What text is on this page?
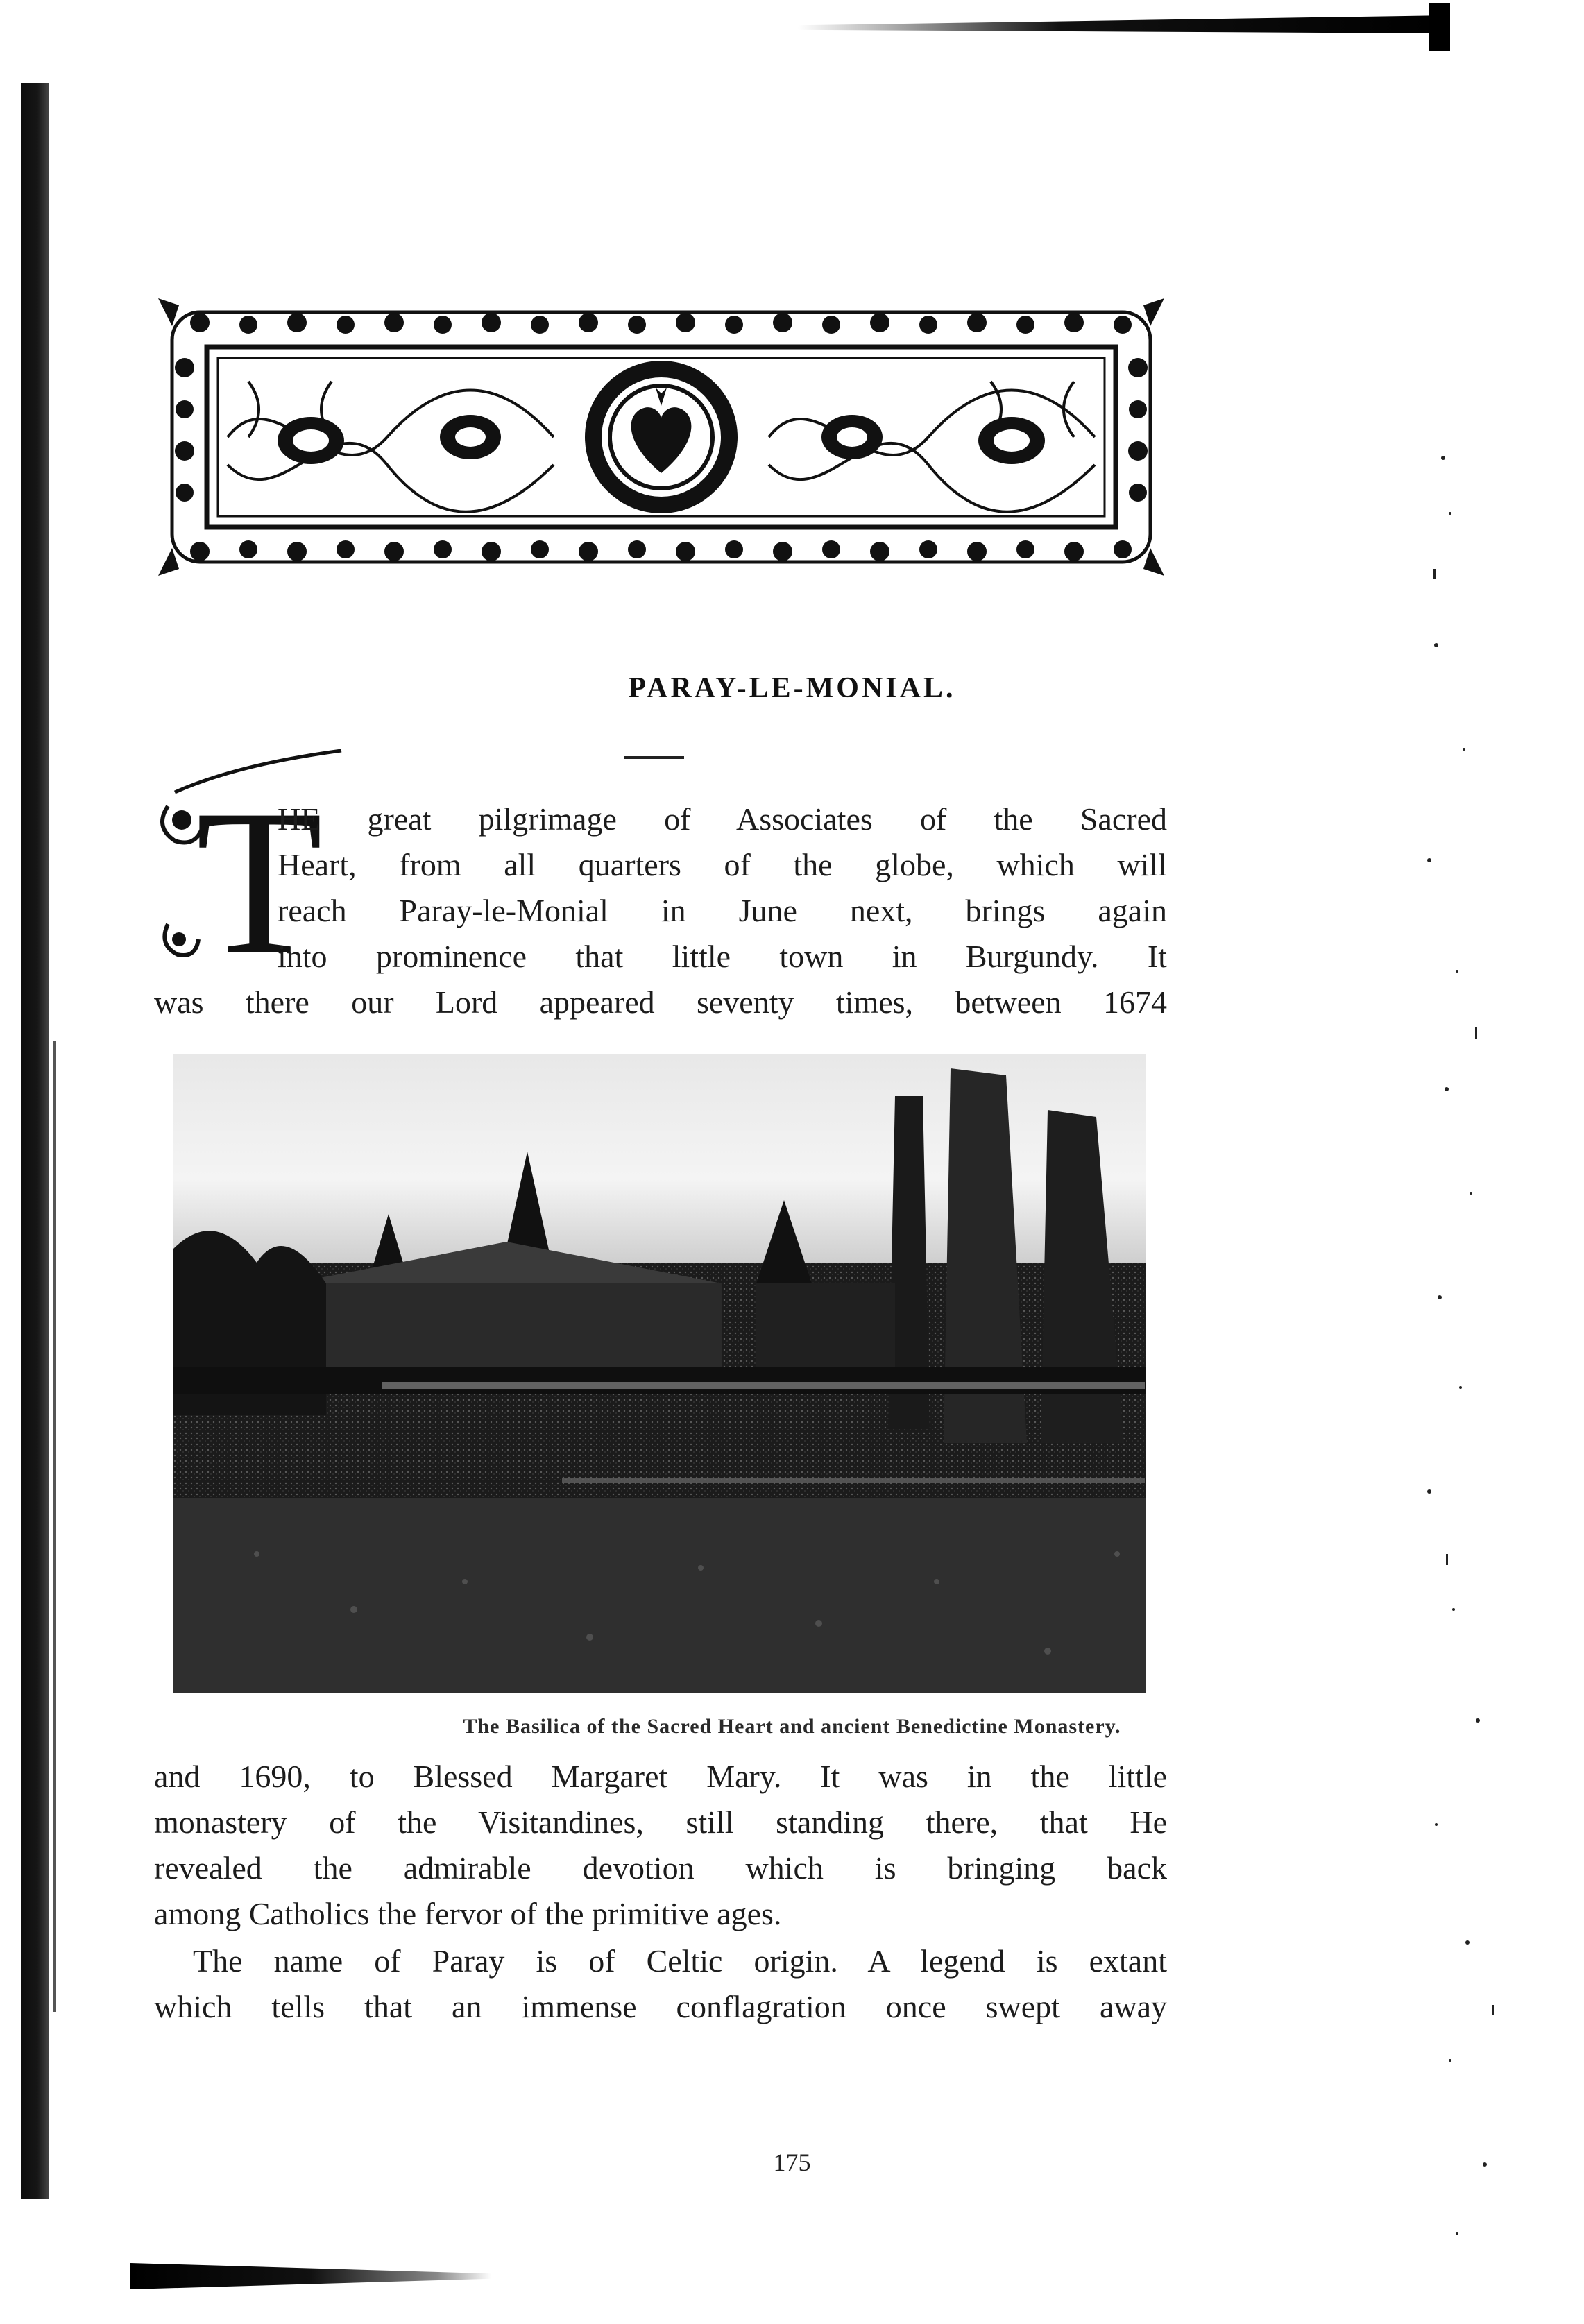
PARAY-LE-MONIAL.
T
HE great pilgrimage of Associates of the Sacred
Heart, from all quarters of the globe, which will
reach Paray-le-Monial in June next, brings again
into prominence that little town in Burgundy. It
was there our Lord appeared seventy times, between 1674
The Basilica of the Sacred Heart and ancient Benedictine Monastery.
and 1690, to Blessed Margaret Mary. It was in the little
monastery of the Visitandines, still standing there, that He
revealed the admirable devotion which is bringing back
among Catholics the fervor of the primitive ages.
The name of Paray is of Celtic origin. A legend is extant
which tells that an immense conflagration once swept away
175
